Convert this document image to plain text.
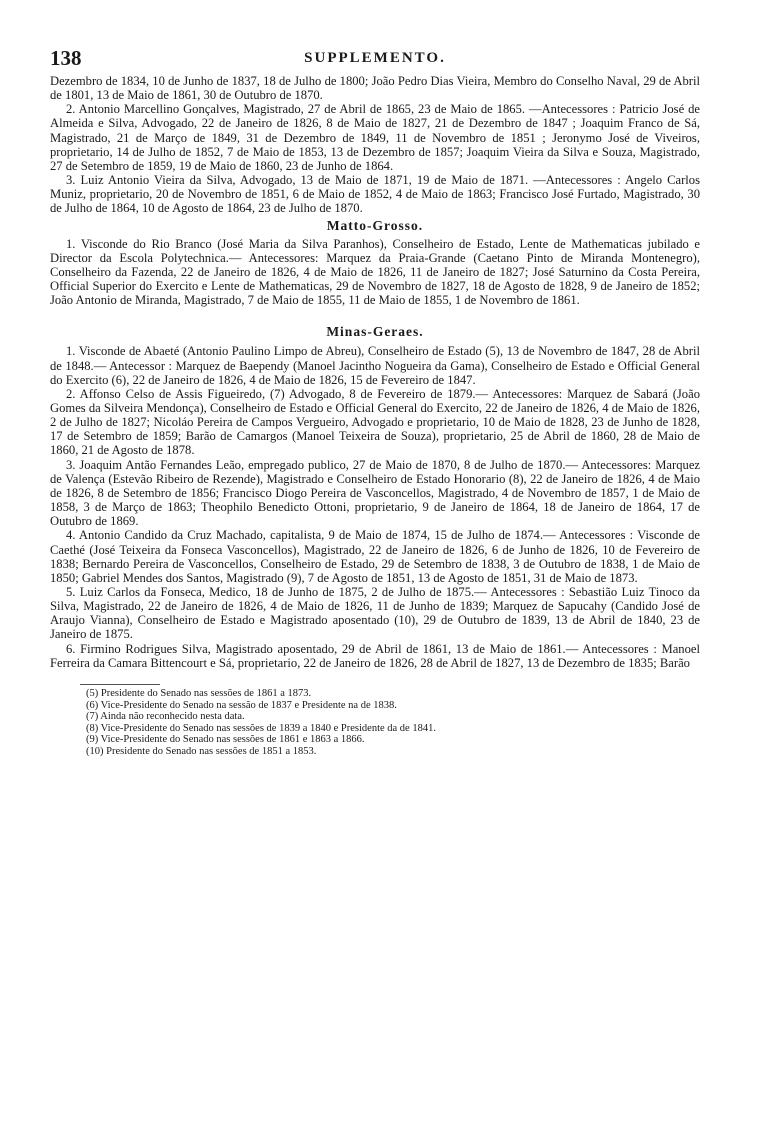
138	SUPPLEMENTO.

Dezembro de 1834, 10 de Junho de 1837, 18 de Julho de 1800; João Pedro Dias Vieira, Membro do Conselho Naval, 29 de Abril de 1801, 13 de Maio de 1861, 30 de Outubro de 1870.

2. Antonio Marcellino Gonçalves, Magistrado, 27 de Abril de 1865, 23 de Maio de 1865. —Antecessores : Patricio José de Almeida e Silva, Advogado, 22 de Janeiro de 1826, 8 de Maio de 1827, 21 de Dezembro de 1847 ; Joaquim Franco de Sá, Magistrado, 21 de Março de 1849, 31 de Dezembro de 1849, 11 de Novembro de 1851 ; Jeronymo José de Viveiros, proprietario, 14 de Julho de 1852, 7 de Maio de 1853, 13 de Dezembro de 1857; Joaquim Vieira da Silva e Souza, Magistrado, 27 de Setembro de 1859, 19 de Maio de 1860, 23 de Junho de 1864.

3. Luiz Antonio Vieira da Silva, Advogado, 13 de Maio de 1871, 19 de Maio de 1871. —Antecessores : Angelo Carlos Muniz, proprietario, 20 de Novembro de 1851, 6 de Maio de 1852, 4 de Maio de 1863; Francisco José Furtado, Magistrado, 30 de Julho de 1864, 10 de Agosto de 1864, 23 de Julho de 1870.

Matto-Grosso.

1. Visconde do Rio Branco (José Maria da Silva Paranhos), Conselheiro de Estado, Lente de Mathematicas jubilado e Director da Escola Polytechnica.— Antecessores: Marquez da Praia-Grande (Caetano Pinto de Miranda Montenegro), Conselheiro da Fazenda, 22 de Janeiro de 1826, 4 de Maio de 1826, 11 de Janeiro de 1827; José Saturnino da Costa Pereira, Official Superior do Exercito e Lente de Mathematicas, 29 de Novembro de 1827, 18 de Agosto de 1828, 9 de Janeiro de 1852; João Antonio de Miranda, Magistrado, 7 de Maio de 1855, 11 de Maio de 1855, 1 de Novembro de 1861.

Minas-Geraes.

1. Visconde de Abaeté (Antonio Paulino Limpo de Abreu), Conselheiro de Estado (5), 13 de Novembro de 1847, 28 de Abril de 1848.— Antecessor : Marquez de Baependy (Manoel Jacintho Nogueira da Gama), Conselheiro de Estado e Official General do Exercito (6), 22 de Janeiro de 1826, 4 de Maio de 1826, 15 de Fevereiro de 1847.

2. Affonso Celso de Assis Figueiredo, (7) Advogado, 8 de Fevereiro de 1879.— Antecessores: Marquez de Sabará (João Gomes da Silveira Mendonça), Conselheiro de Estado e Official General do Exercito, 22 de Janeiro de 1826, 4 de Maio de 1826, 2 de Julho de 1827; Nicoláo Pereira de Campos Vergueiro, Advogado e proprietario, 10 de Maio de 1828, 23 de Junho de 1828, 17 de Setembro de 1859; Barão de Camargos (Manoel Teixeira de Souza), proprietario, 25 de Abril de 1860, 28 de Maio de 1860, 21 de Agosto de 1878.

3. Joaquim Antão Fernandes Leão, empregado publico, 27 de Maio de 1870, 8 de Julho de 1870.— Antecessores: Marquez de Valença (Estevão Ribeiro de Rezende), Magistrado e Conselheiro de Estado Honorario (8), 22 de Janeiro de 1826, 4 de Maio de 1826, 8 de Setembro de 1856; Francisco Diogo Pereira de Vasconcellos, Magistrado, 4 de Novembro de 1857, 1 de Maio de 1858, 3 de Março de 1863; Theophilo Benedicto Ottoni, proprietario, 9 de Janeiro de 1864, 18 de Janeiro de 1864, 17 de Outubro de 1869.

4. Antonio Candido da Cruz Machado, capitalista, 9 de Maio de 1874, 15 de Julho de 1874.— Antecessores : Visconde de Caethé (José Teixeira da Fonseca Vasconcellos), Magistrado, 22 de Janeiro de 1826, 6 de Junho de 1826, 10 de Fevereiro de 1838; Bernardo Pereira de Vasconcellos, Conselheiro de Estado, 29 de Setembro de 1838, 3 de Outubro de 1838, 1 de Maio de 1850; Gabriel Mendes dos Santos, Magistrado (9), 7 de Agosto de 1851, 13 de Agosto de 1851, 31 de Maio de 1873.

5. Luiz Carlos da Fonseca, Medico, 18 de Junho de 1875, 2 de Julho de 1875.— Antecessores : Sebastião Luiz Tinoco da Silva, Magistrado, 22 de Janeiro de 1826, 4 de Maio de 1826, 11 de Junho de 1839; Marquez de Sapucahy (Candido José de Araujo Vianna), Conselheiro de Estado e Magistrado aposentado (10), 29 de Outubro de 1839, 13 de Abril de 1840, 23 de Janeiro de 1875.

6. Firmino Rodrigues Silva, Magistrado aposentado, 29 de Abril de 1861, 13 de Maio de 1861.— Antecessores : Manoel Ferreira da Camara Bittencourt e Sá, proprietario, 22 de Janeiro de 1826, 28 de Abril de 1827, 13 de Dezembro de 1835; Barão

(5) Presidente do Senado nas sessões de 1861 a 1873.

(6) Vice-Presidente do Senado na sessão de 1837 e Presidente na de 1838.

(7) Ainda não reconhecido nesta data.

(8) Vice-Presidente do Senado nas sessões de 1839 a 1840 e Presidente da de 1841.

(9) Vice-Presidente do Senado nas sessões de 1861 e 1863 a 1866.

(10) Presidente do Senado nas sessões de 1851 a 1853.
